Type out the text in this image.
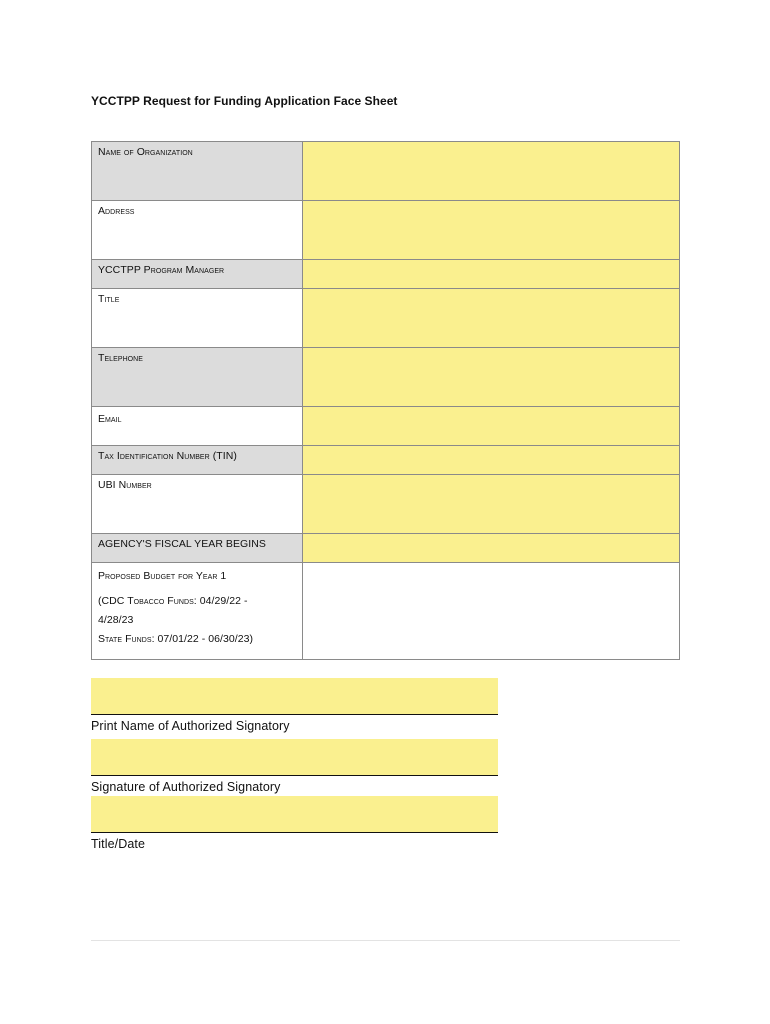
YCCTPP Request for Funding Application Face Sheet
Name of Organization	
Address	
YCCTPP Program Manager	
Title	
Telephone	
Email	
Tax Identification Number (TIN)	
UBI Number	
AGENCY'S FISCAL YEAR BEGINS	

Proposed Budget for Year 1
(CDC Tobacco Funds: 04/29/22 -
4/28/23
State Funds: 07/01/22 - 06/30/23)	

Print Name of Authorized Signatory
Signature of Authorized Signatory
Title/Date
